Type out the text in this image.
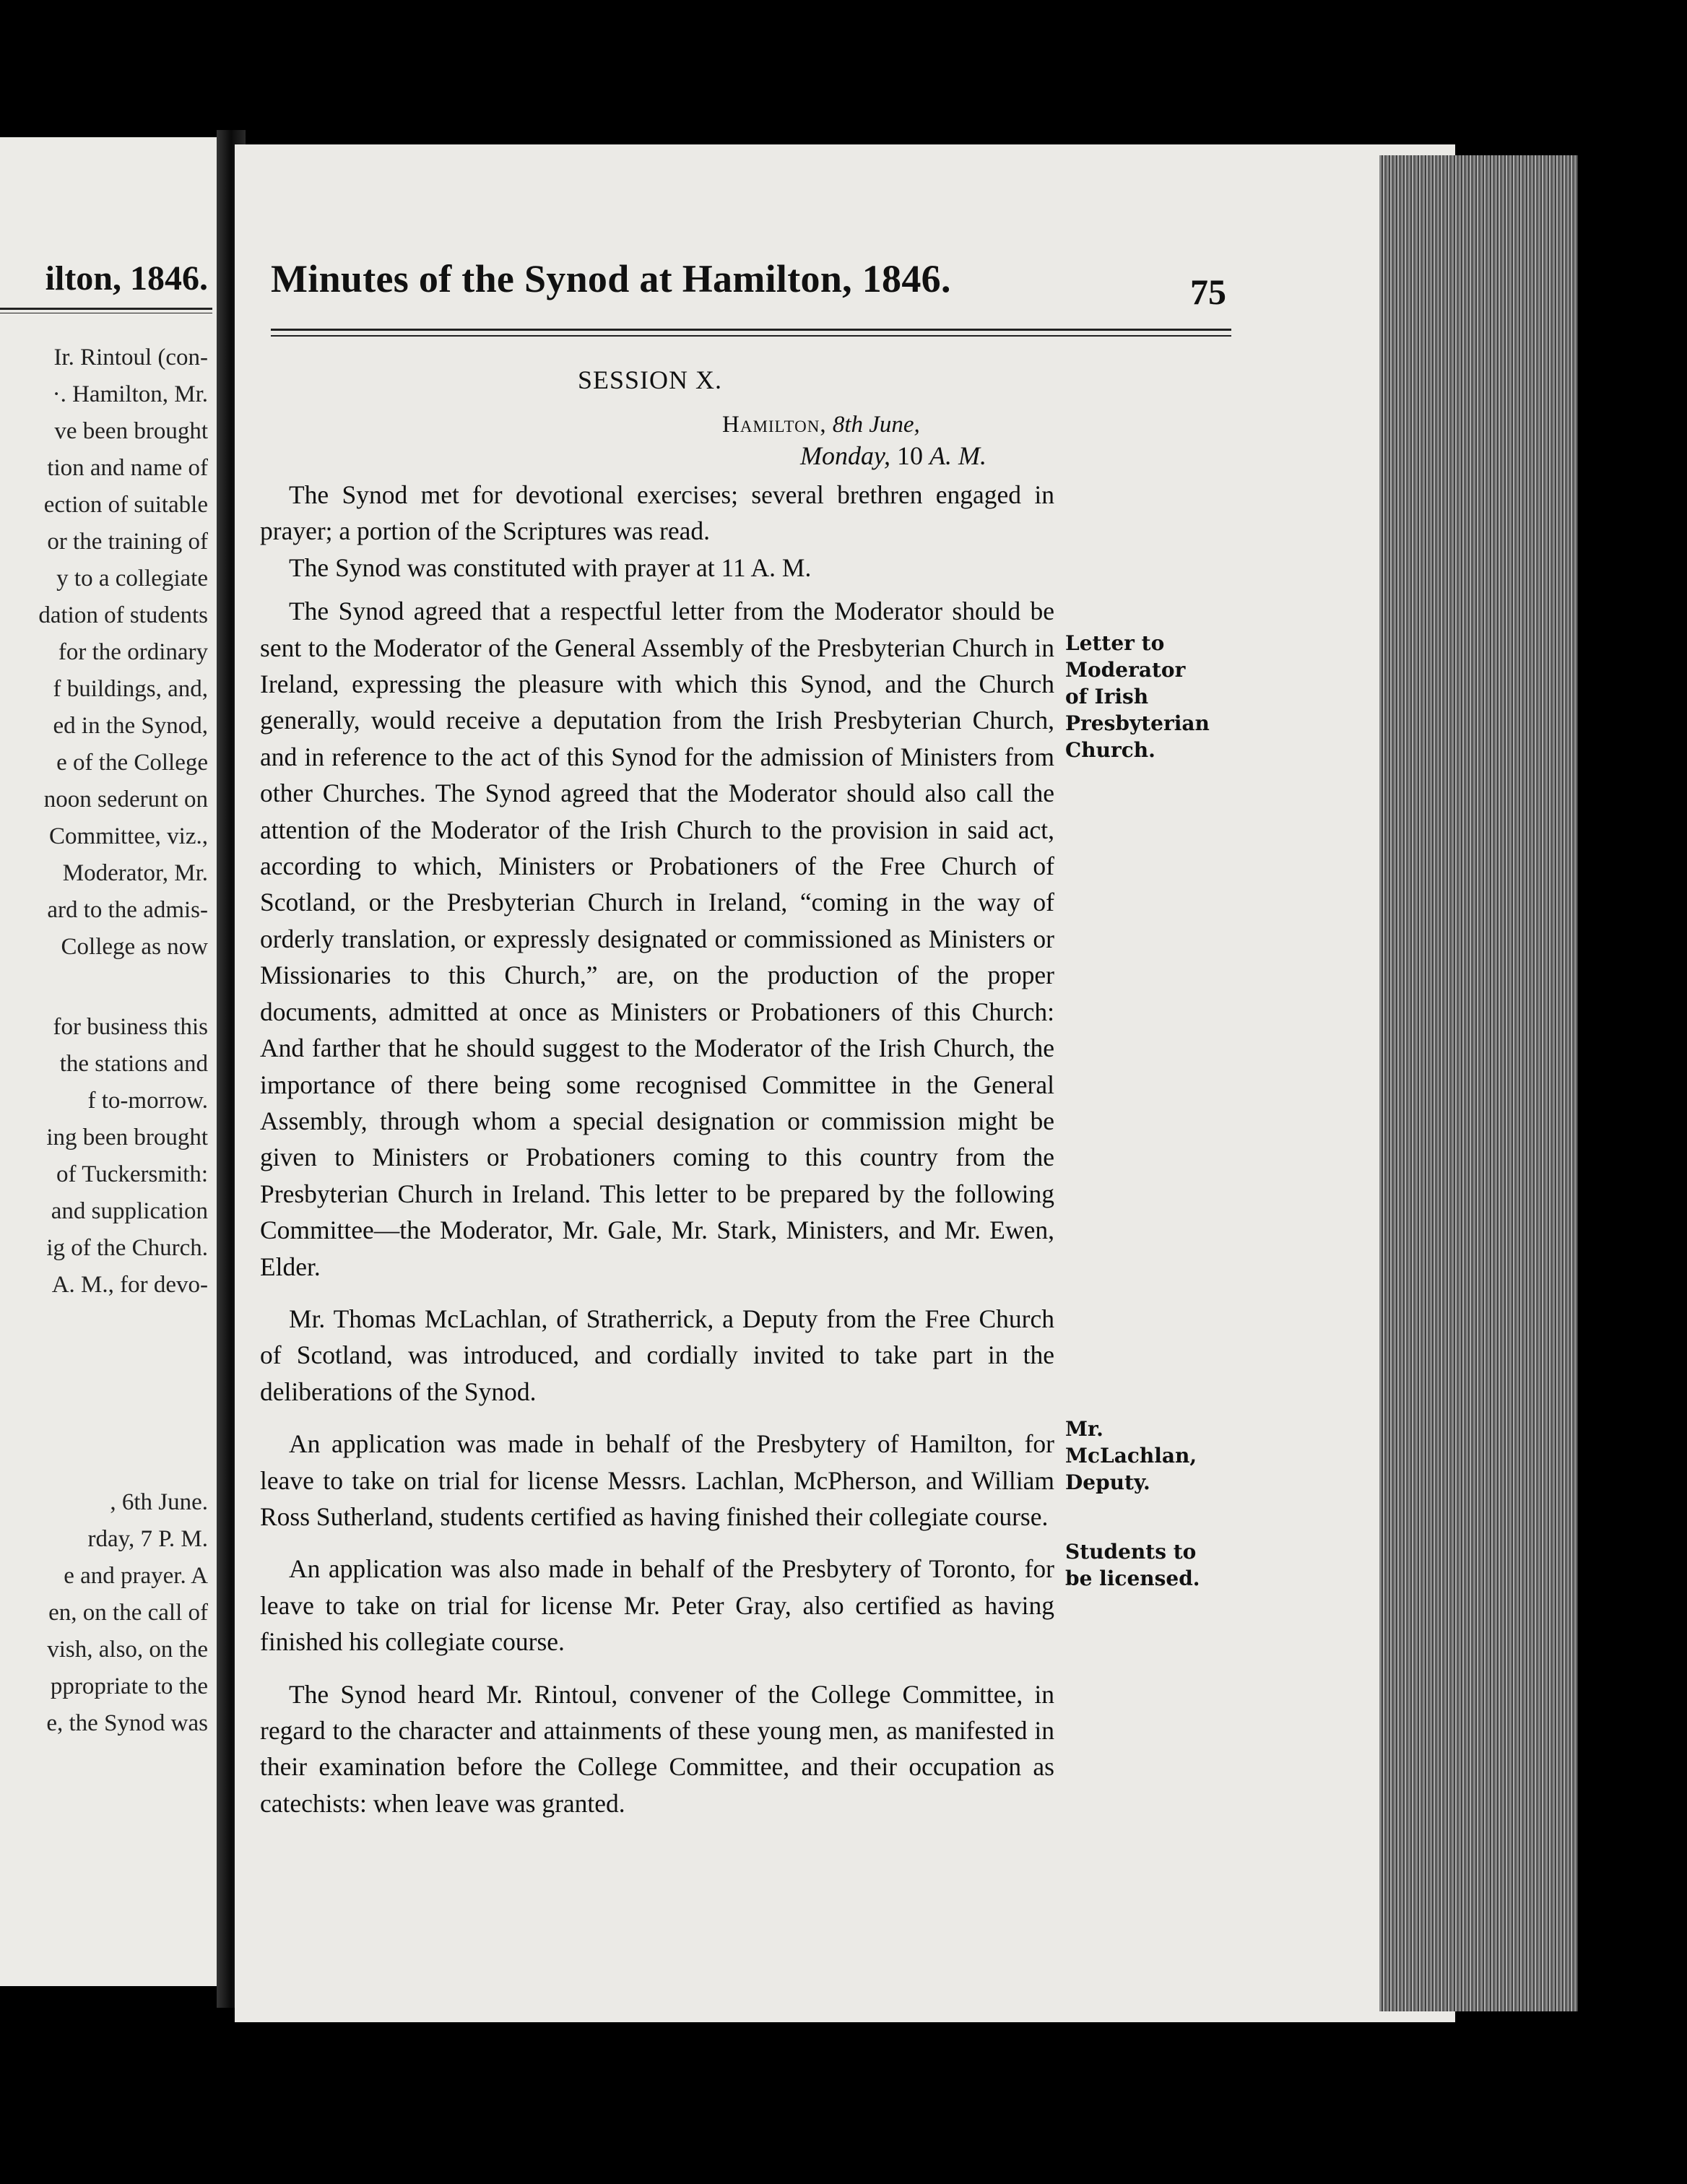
ilton, 1846.
Ir. Rintoul (con-
·. Hamilton, Mr.
ve been brought
tion and name of
ection of suitable
or the training of
y to a collegiate
dation of students
for the ordinary
f buildings, and,
ed in the Synod,
e of the College
noon sederunt on
Committee, viz.,
Moderator, Mr.
ard to the admis-
College as now
for business this
the stations and
f to-morrow.
ing been brought
of Tuckersmith:
and supplication
ig of the Church.
A. M., for devo-
, 6th June.
rday, 7 P. M.
e and prayer. A
en, on the call of
vish, also, on the
ppropriate to the
e, the Synod was
Minutes of the Synod at Hamilton, 1846.	75
SESSION X.
Hamilton, 8th June,
Monday, 10 A. M.

The Synod met for devotional exercises; several brethren engaged in prayer; a portion of the Scriptures was read.

The Synod was constituted with prayer at 11 A. M.

The Synod agreed that a respectful letter from the Moderator should be sent to the Moderator of the General Assembly of the Presbyterian Church in Ireland, expressing the pleasure with which this Synod, and the Church generally, would receive a deputation from the Irish Presbyterian Church, and in reference to the act of this Synod for the admission of Ministers from other Churches. The Synod agreed that the Moderator should also call the attention of the Moderator of the Irish Church to the provision in said act, according to which, Ministers or Probationers of the Free Church of Scotland, or the Presbyterian Church in Ireland, “coming in the way of orderly translation, or expressly designated or commissioned as Ministers or Missionaries to this Church,” are, on the production of the proper documents, admitted at once as Ministers or Probationers of this Church: And farther that he should suggest to the Moderator of the Irish Church, the importance of there being some recognised Committee in the General Assembly, through whom a special designation or commission might be given to Ministers or Probationers coming to this country from the Presbyterian Church in Ireland. This letter to be prepared by the following Committee—the Moderator, Mr. Gale, Mr. Stark, Ministers, and Mr. Ewen, Elder.

Mr. Thomas McLachlan, of Stratherrick, a Deputy from the Free Church of Scotland, was introduced, and cordially invited to take part in the deliberations of the Synod.

An application was made in behalf of the Presbytery of Hamilton, for leave to take on trial for license Messrs. Lachlan, McPherson, and William Ross Sutherland, students certified as having finished their collegiate course.

An application was also made in behalf of the Presbytery of Toronto, for leave to take on trial for license Mr. Peter Gray, also certified as having finished his collegiate course.

The Synod heard Mr. Rintoul, convener of the College Committee, in regard to the character and attainments of these young men, as manifested in their examination before the College Committee, and their occupation as catechists: when leave was granted.

Letter to Moderator of Irish Presbyterian Church.
Mr. McLachlan, Deputy.
Students to be licensed.
